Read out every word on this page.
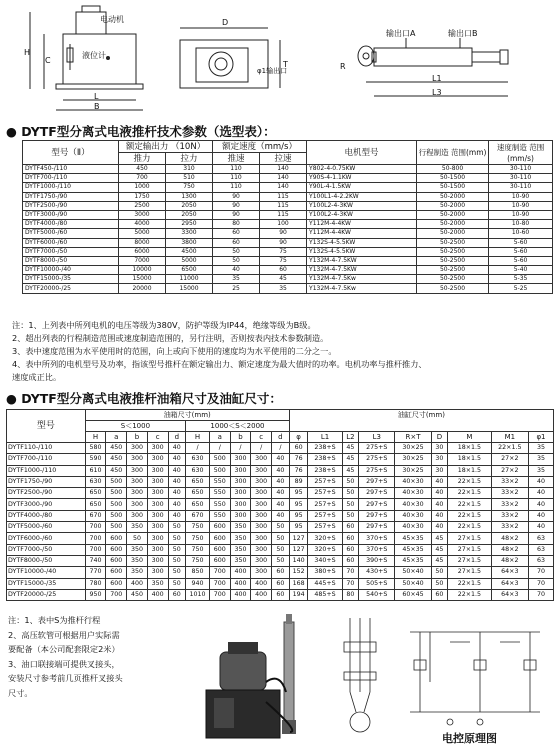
电动机
液位计
H
C
L
B
D
T
φ1输出口
输出口A	输出口B
R
L1
L3
● DYTF型分离式电液推杆技术参数（选型表）：
型号（Ⅱ）	额定输出力 （10N）		额定速度（mm/s）		电机型号	行程制造 范围(mm)	速度制造 范围(mm/s)
	推力	拉力	推速	拉速			
DYTF450-/110	450	310	110	140	Y802-4-0.75KW	50-800	30-110
DYTF700-/110	700	510	110	140	Y90S-4-1.1KW	50-1500	30-110
DYTF1000-/110	1000	750	110	140	Y90L-4-1.5KW	50-1500	30-110
DYTF1750-/90	1750	1300	90	115	Y100L1-4-2.2KW	50-2000	10-90
DYTF2500-/90	2500	2050	90	115	Y100L2-4-3KW	50-2000	10-90
DYTF3000-/90	3000	2050	90	115	Y100L2-4-3KW	50-2000	10-90
DYTF4000-/80	4000	2950	80	100	Y112M-4-4KW	50-2000	10-80
DYTF5000-/60	5000	3300	60	90	Y112M-4-4KW	50-2000	10-60
DYTF6000-/60	8000	3800	60	90	Y132S-4-5.5KW	50-2500	5-60
DYTF7000-/50	6000	4500	50	75	Y132S-4-5.5KW	50-2500	5-60
DYTF8000-/50	7000	5000	50	75	Y132M-4-7.5KW	50-2500	5-60
DYTF10000-/40	10000	6500	40	60	Y132M-4-7.5KW	50-2500	5-40
DYTF15000-/35	15000	11000	35	45	Y132M-4-7.5Kw	50-2500	5-35
DYTF20000-/25	20000	15000	25	35	Y132M-4-7.5Kw	50-2500	5-25
注：1、上列表中所列电机的电压等级为380V，防护等级为IP44，绝缘等级为B级。
2、超出列表的行程制造范围或速度制造范围的，另行注明，否则按表内技术参数制造。
3、表中速度范围为水平使用时的范围，向上或向下使用的速度均为水平使用的二分之一。
4、表中所列的电机型号及功率，指该型号推杆在额定输出力、额定速度为最大值时的功率。电机功率与推杆推力、
速度成正比。
● DYTF型分离式电液推杆油箱尺寸及油缸尺寸：
型号	油箱尺寸(mm)										油缸尺寸(mm)								
	S＜1000					1000＜S＜2000													
	H	a	b	c	d	H	a	b	c	d	φ	L1	L2	L3	R×T	D	M	M1	φ1
DYTF110-/110	580	450	300	300	40	/	/	/	/	/	60	238+S	45	275+S	30×25	30	18×1.5	22×1.5	35
DYTF700-/110	590	450	300	300	40	630	500	300	300	40	76	238+S	45	275+S	30×25	30	18×1.5	27×2	35
DYTF1000-/110	610	450	300	300	40	630	500	300	300	40	76	238+S	45	275+S	30×25	30	18×1.5	27×2	35
DYTF1750-/90	630	500	300	300	40	650	550	300	300	40	89	257+S	50	297+S	40×30	40	22×1.5	33×2	40
DYTF2500-/90	650	500	300	300	40	650	550	300	300	40	95	257+S	50	297+S	40×30	40	22×1.5	33×2	40
DYTF3000-/90	650	500	300	300	40	650	550	300	300	40	95	257+S	50	297+S	40×30	40	22×1.5	33×2	40
DYTF4000-/80	670	500	300	300	40	670	550	300	300	40	95	257+S	50	297+S	40×30	40	22×1.5	33×2	40
DYTF5000-/60	700	500	350	300	50	750	600	350	300	50	95	257+S	60	297+S	40×30	40	22×1.5	33×2	40
DYTF6000-/60	700	600	50	300	50	750	600	350	300	50	127	320+S	60	370+S	45×35	45	27×1.5	48×2	63
DYTF7000-/50	700	600	350	300	50	750	600	350	300	50	127	320+S	60	370+S	45×35	45	27×1.5	48×2	63
DYTF8000-/50	740	600	350	300	50	750	600	350	300	50	140	340+S	60	390+S	45×35	45	27×1.5	48×2	63
DYTF10000-/40	770	600	350	300	50	850	700	400	300	60	152	380+S	70	430+S	50×40	50	27×1.5	64×3	70
DYTF15000-/35	780	600	400	350	50	940	700	400	400	60	168	445+S	70	505+S	50×40	50	22×1.5	64×3	70
DYTF20000-/25	950	700	450	400	60	1010	700	400	400	60	194	485+S	80	540+S	60×45	60	22×1.5	64×3	70
注：1、表中S为推杆行程
2、高压软管可根据用户实际需
要配备（本公司配套限定2米）
3、油口联接端可提供叉接头，
安装尺寸参考前几页推杆叉接头
尺寸。
电控原理图
